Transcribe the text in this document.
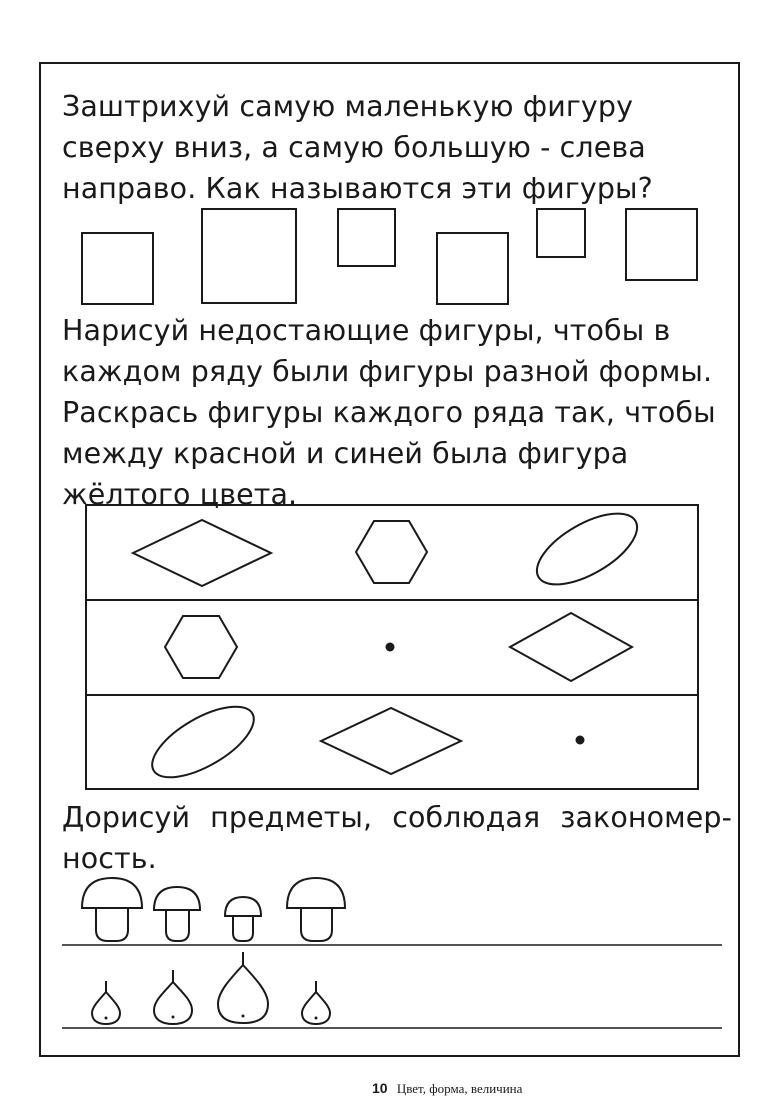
Заштрихуй самую маленькую фигуру сверху вниз, а самую большую - слева направо. Как называются эти фигуры?

Нарисуй недостающие фигуры, чтобы в каждом ряду были фигуры разной формы. Раскрась фигуры каждого ряда так, чтобы между красной и синей была фигура жёлтого цвета.

Дорисуй предметы, соблюдая закономер-
ность.

10 Цвет, форма, величина
